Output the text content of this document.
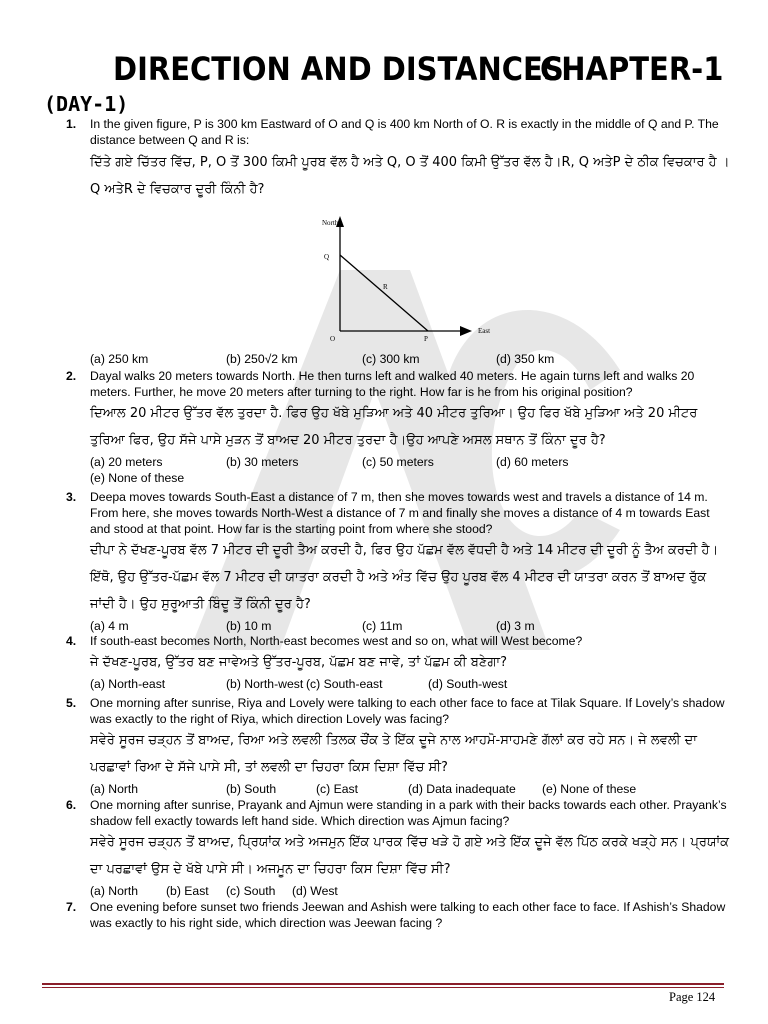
DIRECTION AND DISTANCES
CHAPTER-1
(DAY-1)
1. In the given figure, P is 300 km Eastward of O and Q is 400 km North of O. R is exactly in the middle of Q and P. The distance between Q and R is:
ਦਿੱਤੇ ਗਏ ਚਿੱਤਰ ਵਿੱਚ, P, O ਤੋਂ 300 ਕਿਮੀ ਪੂਰਬ ਵੱਲ ਹੈ ਅਤੇ Q, O ਤੋਂ 400 ਕਿਮੀ ਉੱਤਰ ਵੱਲ ਹੈ।R, Q ਅਤੇP ਦੇ ਠੀਕ ਵਿਚਕਾਰ ਹੈ ।Q ਅਤੇR ਦੇ ਵਿਚਕਾਰ ਦੂਰੀ ਕਿੰਨੀ ਹੈ?
North
East
Q
R
O	P
(a) 250 km	(b) 250√2 km	(c) 300 km	(d) 350 km
2. Dayal walks 20 meters towards North. He then turns left and walked 40 meters. He again turns left and walks 20 meters. Further, he move 20 meters after turning to the right. How far is he from his original position?
ਦਿਆਲ 20 ਮੀਟਰ ਉੱਤਰ ਵੱਲ ਤੁਰਦਾ ਹੈ. ਫਿਰ ਉਹ ਖੱਬੇ ਮੁੜਿਆ ਅਤੇ 40 ਮੀਟਰ ਤੁਰਿਆ। ਉਹ ਫਿਰ ਖੱਬੇ ਮੁੜਿਆ ਅਤੇ 20 ਮੀਟਰ ਤੁਰਿਆ ਫਿਰ, ਉਹ ਸੱਜੇ ਪਾਸੇ ਮੁੜਨ ਤੋਂ ਬਾਅਦ 20 ਮੀਟਰ ਤੁਰਦਾ ਹੈ।ਉਹ ਆਪਣੇ ਅਸਲ ਸਥਾਨ ਤੋਂ ਕਿੰਨਾ ਦੂਰ ਹੈ?
(a) 20 meters	(b) 30 meters	(c) 50 meters	(d) 60 meters
(e) None of these
3. Deepa moves towards South-East a distance of 7 m, then she moves towards west and travels a distance of 14 m. From here, she moves towards North-West a distance of 7 m and finally she moves a distance of 4 m towards East and stood at that point. How far is the starting point from where she stood?
ਦੀਪਾ ਨੇ ਦੱਖਣ-ਪੂਰਬ ਵੱਲ 7 ਮੀਟਰ ਦੀ ਦੂਰੀ ਤੈਅ ਕਰਦੀ ਹੈ, ਫਿਰ ਉਹ ਪੱਛਮ ਵੱਲ ਵੱਧਦੀ ਹੈ ਅਤੇ 14 ਮੀਟਰ ਦੀ ਦੂਰੀ ਨੂੰ ਤੈਅ ਕਰਦੀ ਹੈ। ਇੱਥੋ, ਉਹ ਉੱਤਰ-ਪੱਛਮ ਵੱਲ 7 ਮੀਟਰ ਦੀ ਯਾਤਰਾ ਕਰਦੀ ਹੈ ਅਤੇ ਅੰਤ ਵਿੱਚ ਉਹ ਪੂਰਬ ਵੱਲ 4 ਮੀਟਰ ਦੀ ਯਾਤਰਾ ਕਰਨ ਤੋਂ ਬਾਅਦ ਰੁੱਕ ਜਾਂਦੀ ਹੈ। ਉਹ ਸੁਰੂਆਤੀ ਬਿੰਦੂ ਤੋਂ ਕਿੰਨੀ ਦੂਰ ਹੈ?
(a) 4 m	(b) 10 m	(c) 11m	(d) 3 m
4. If south-east becomes North, North-east becomes west and so on, what will West become?
ਜੇ ਦੱਖਣ-ਪੂਰਬ, ਉੱਤਰ ਬਣ ਜਾਵੇਅਤੇ ਉੱਤਰ-ਪੂਰਬ, ਪੱਛਮ ਬਣ ਜਾਵੇ, ਤਾਂ ਪੱਛਮ ਕੀ ਬਣੇਗਾ?
(a) North-east	(b) North-west (c) South-east	(d) South-west
5. One morning after sunrise, Riya and Lovely were talking to each other face to face at Tilak Square. If Lovely’s shadow was exactly to the right of Riya, which direction Lovely was facing?
ਸਵੇਰੇ ਸੂਰਜ ਚੜ੍ਹਨ ਤੋਂ ਬਾਅਦ, ਰਿਆ ਅਤੇ ਲਵਲੀ ਤਿਲਕ ਚੌਂਕ ਤੇ ਇੱਕ ਦੂਜੇ ਨਾਲ ਆਹਮੋ-ਸਾਹਮਣੇ ਗੱਲਾਂ ਕਰ ਰਹੇ ਸਨ। ਜੇ ਲਵਲੀ ਦਾ ਪਰਛਾਵਾਂ ਰਿਆ ਦੇ ਸੱਜੇ ਪਾਸੇ ਸੀ, ਤਾਂ ਲਵਲੀ ਦਾ ਚਿਹਰਾ ਕਿਸ ਦਿਸ਼ਾ ਵਿੱਚ ਸੀ?
(a) North	(b) South	(c) East	(d) Data inadequate (e) None of these
6. One morning after sunrise, Prayank and Ajmun were standing in a park with their backs towards each other. Prayank’s shadow fell exactly towards left hand side. Which direction was Ajmun facing?
ਸਵੇਰੇ ਸੂਰਜ ਚੜ੍ਹਨ ਤੋਂ ਬਾਅਦ, ਪ੍ਰਿਯਾਂਕ ਅਤੇ ਅਜਮੁਨ ਇੱਕ ਪਾਰਕ ਵਿੱਚ ਖੜੇ ਹੋ ਗਏ ਅਤੇ ਇੱਕ ਦੂਜੇ ਵੱਲ ਪਿੱਠ ਕਰਕੇ ਖੜ੍ਹੇ ਸਨ। ਪ੍ਰਯਾਂਕ ਦਾ ਪਰਛਾਵਾਂ ਉਸ ਦੇ ਖੱਬੇ ਪਾਸੇ ਸੀ। ਅਜਮੂਨ ਦਾ ਚਿਹਰਾ ਕਿਸ ਦਿਸ਼ਾ ਵਿੱਚ ਸੀ?
(a) North (b) East (c) South (d) West
7. One evening before sunset two friends Jeewan and Ashish were talking to each other face to face. If Ashish’s Shadow was exactly to his right side, which direction was Jeewan facing ?
Page 124
